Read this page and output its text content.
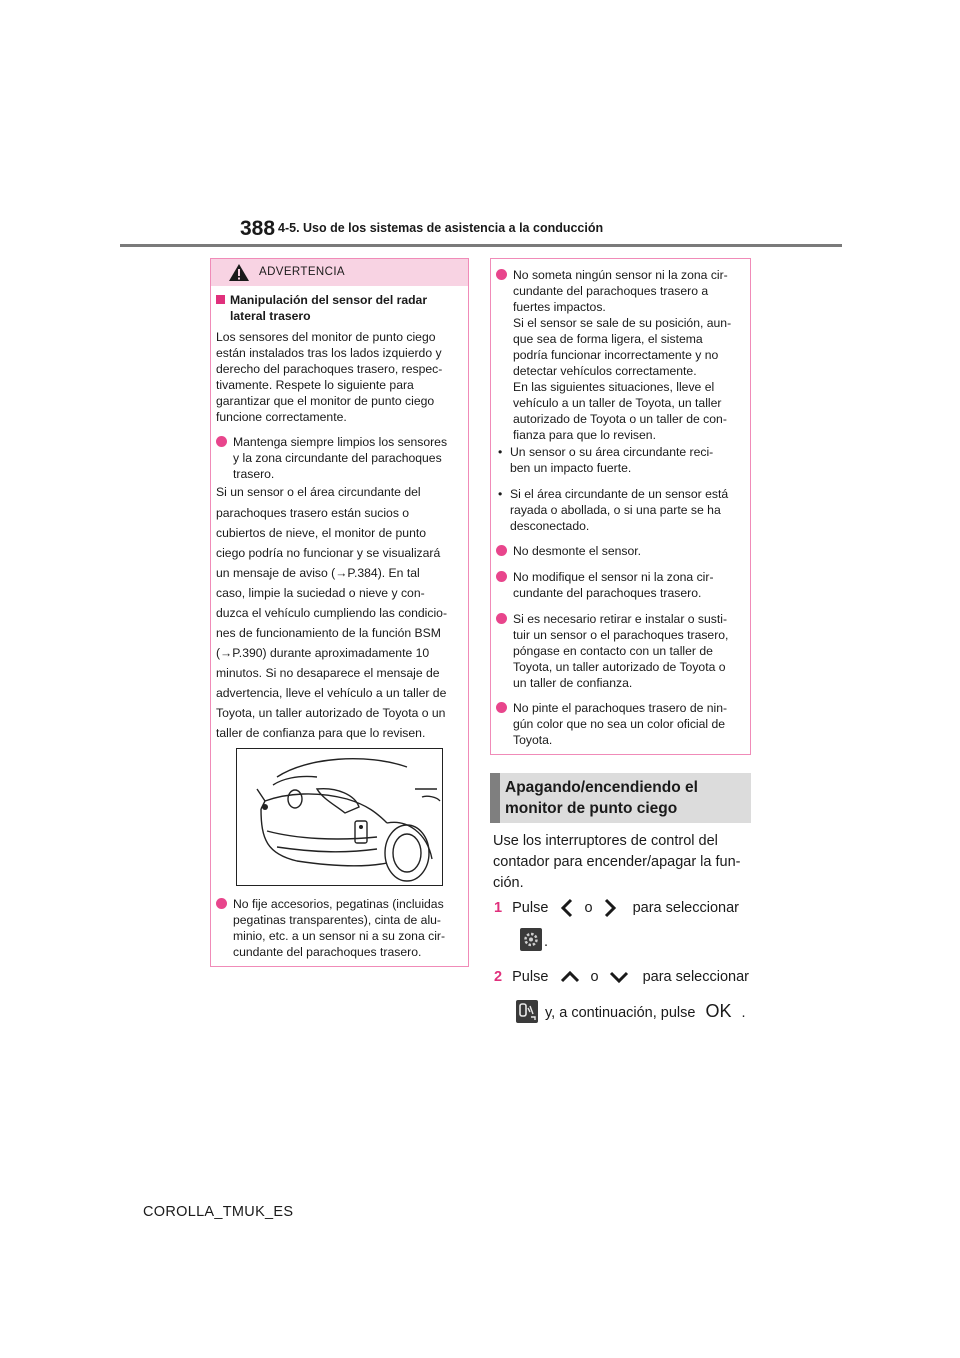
388 4-5. Uso de los sistemas de asistencia a la conducción
ADVERTENCIA
Manipulación del sensor del radar
lateral trasero
Los sensores del monitor de punto ciego
están instalados tras los lados izquierdo y
derecho del parachoques trasero, respec-
tivamente. Respete lo siguiente para
garantizar que el monitor de punto ciego
funcione correctamente.
Mantenga siempre limpios los sensores
y la zona circundante del parachoques
trasero.
Si un sensor o el área circundante del
parachoques trasero están sucios o
cubiertos de nieve, el monitor de punto
ciego podría no funcionar y se visualizará
un mensaje de aviso (→P.384). En tal
caso, limpie la suciedad o nieve y con-
duzca el vehículo cumpliendo las condicio-
nes de funcionamiento de la función BSM
(→P.390) durante aproximadamente 10
minutos. Si no desaparece el mensaje de
advertencia, lleve el vehículo a un taller de
Toyota, un taller autorizado de Toyota o un
taller de confianza para que lo revisen.
No fije accesorios, pegatinas (incluidas
pegatinas transparentes), cinta de alu-
minio, etc. a un sensor ni a su zona cir-
cundante del parachoques trasero.
No someta ningún sensor ni la zona cir-
cundante del parachoques trasero a
fuertes impactos.
Si el sensor se sale de su posición, aun-
que sea de forma ligera, el sistema
podría funcionar incorrectamente y no
detectar vehículos correctamente.
En las siguientes situaciones, lleve el
vehículo a un taller de Toyota, un taller
autorizado de Toyota o un taller de con-
fianza para que lo revisen.
• Un sensor o su área circundante reci-
ben un impacto fuerte.
• Si el área circundante de un sensor está
rayada o abollada, o si una parte se ha
desconectado.
No desmonte el sensor.
No modifique el sensor ni la zona cir-
cundante del parachoques trasero.
Si es necesario retirar e instalar o susti-
tuir un sensor o el parachoques trasero,
póngase en contacto con un taller de
Toyota, un taller autorizado de Toyota o
un taller de confianza.
No pinte el parachoques trasero de nin-
gún color que no sea un color oficial de
Toyota.
Apagando/encendiendo el
monitor de punto ciego
Use los interruptores de control del
contador para encender/apagar la fun-
ción.
1 Pulse o	para seleccionar
.
2 Pulse	o	para seleccionar
y, a continuación, pulse OK .
COROLLA_TMUK_ES
